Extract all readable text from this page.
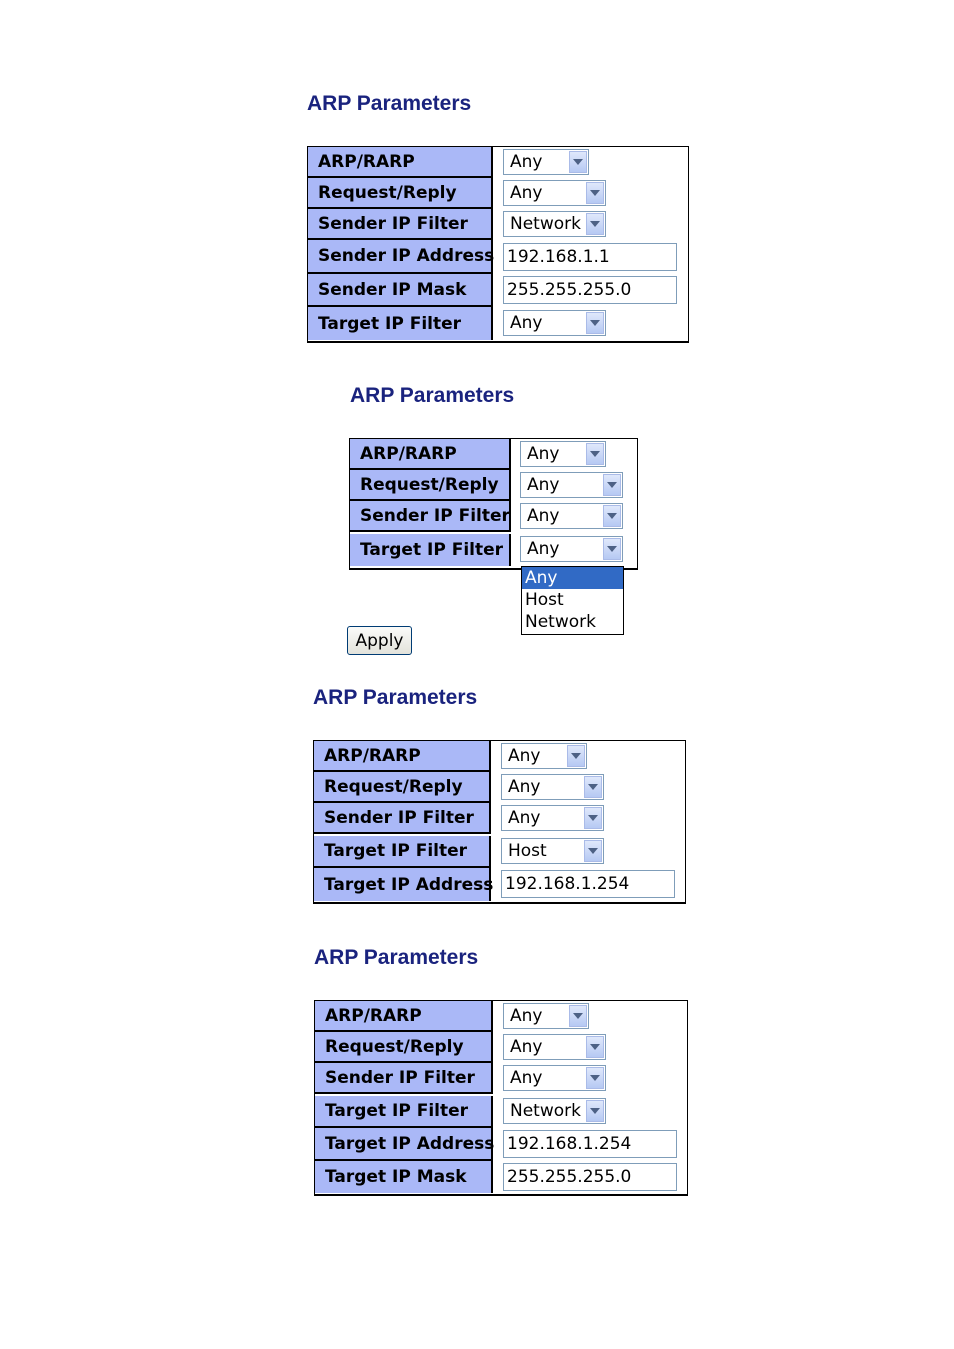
ARP Parameters
ARP/RARP
Request/Reply
Sender IP Filter
Sender IP Address
Sender IP Mask
Target IP Filter
Any
Any
Network
192.168.1.1
255.255.255.0
Any
ARP Parameters
ARP/RARP
Request/Reply
Sender IP Filter
Target IP Filter
Any
Any
Any
Any
Any
Host
Network
Apply
ARP Parameters
ARP/RARP
Request/Reply
Sender IP Filter
Target IP Filter
Target IP Address
Any
Any
Any
Host
192.168.1.254
ARP Parameters
ARP/RARP
Request/Reply
Sender IP Filter
Target IP Filter
Target IP Address
Target IP Mask
Any
Any
Any
Network
192.168.1.254
255.255.255.0
